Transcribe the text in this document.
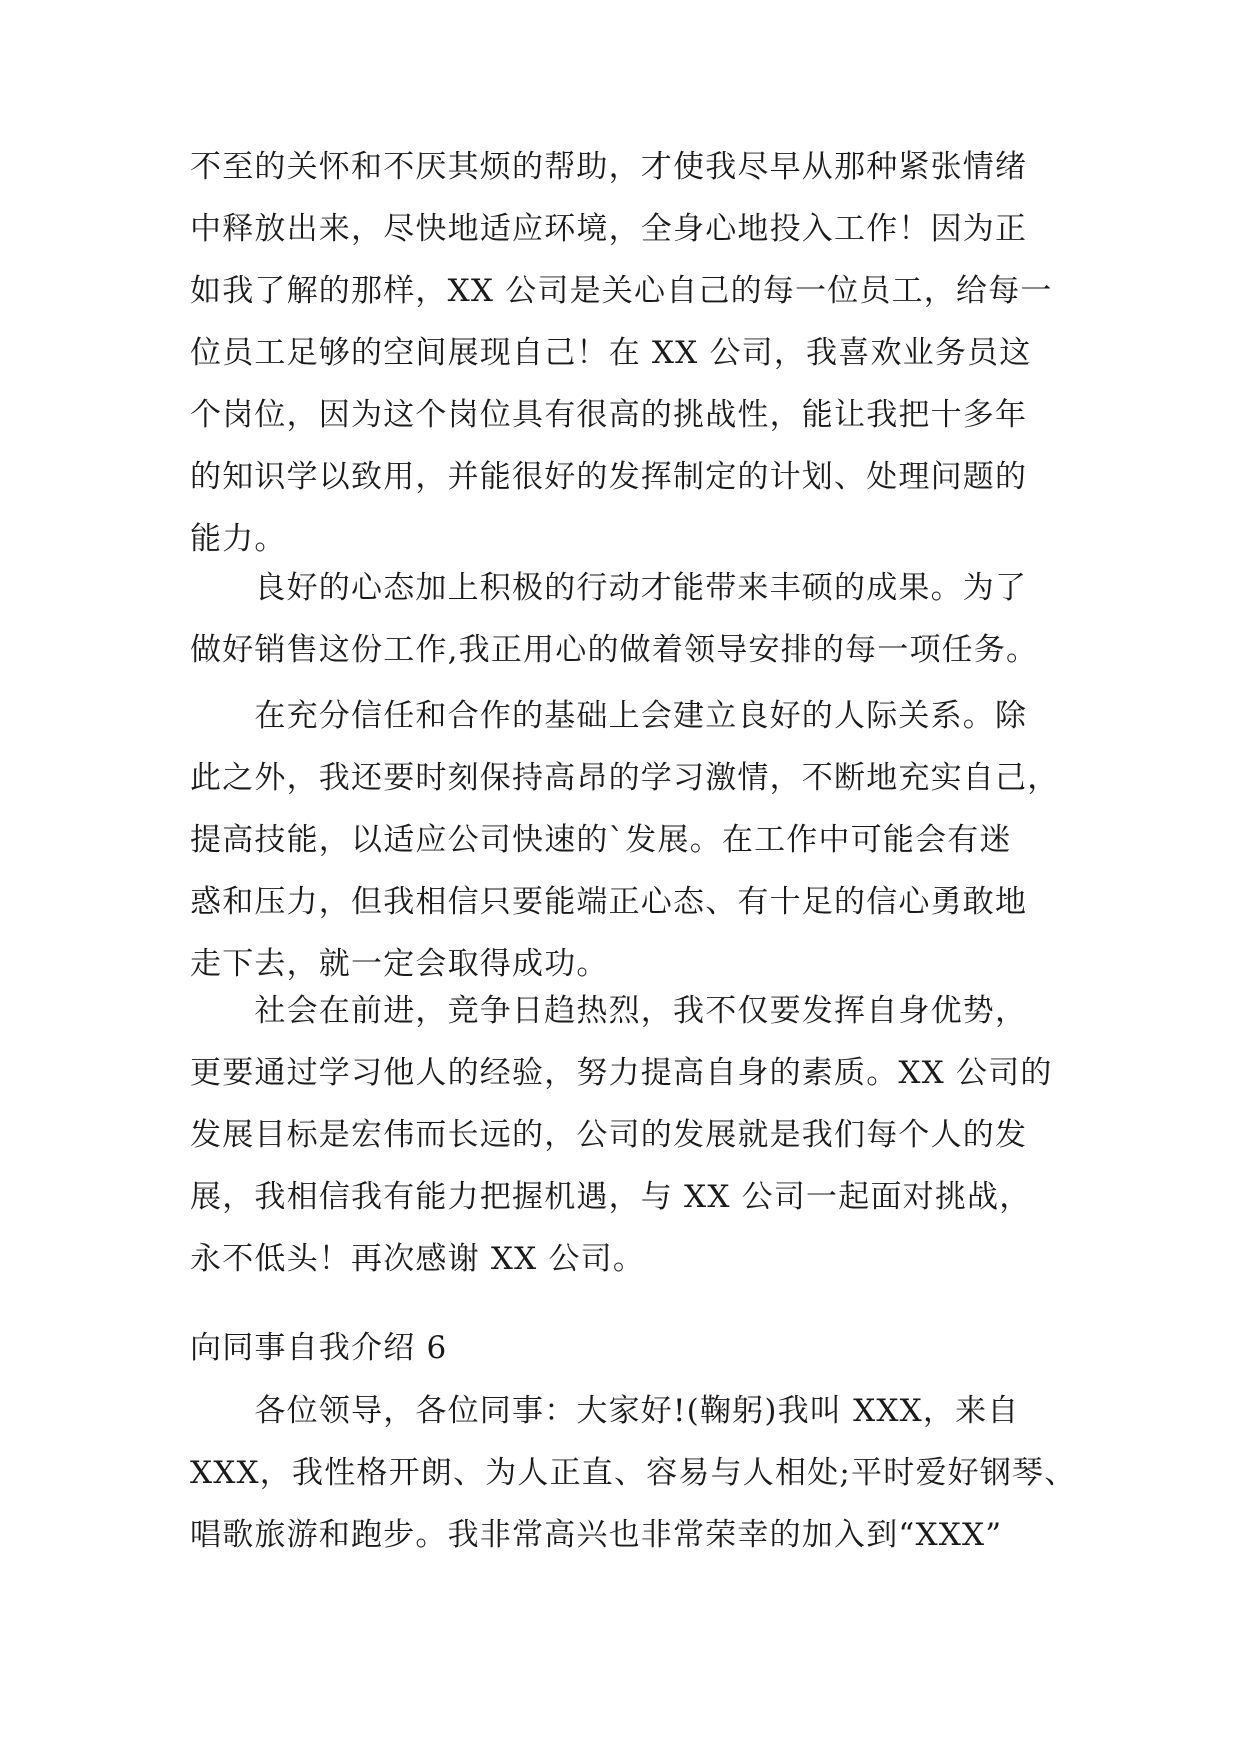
不至的关怀和不厌其烦的帮助，才使我尽早从那种紧张情绪
中释放出来，尽快地适应环境，全身心地投入工作！因为正
如我了解的那样，XX 公司是关心自己的每一位员工，给每一
位员工足够的空间展现自己！在 XX 公司，我喜欢业务员这
个岗位，因为这个岗位具有很高的挑战性，能让我把十多年
的知识学以致用，并能很好的发挥制定的计划、处理问题的
能力。
　　良好的心态加上积极的行动才能带来丰硕的成果。为了
做好销售这份工作,我正用心的做着领导安排的每一项任务。
　　在充分信任和合作的基础上会建立良好的人际关系。除
此之外，我还要时刻保持高昂的学习激情，不断地充实自己，
提高技能，以适应公司快速的`发展。在工作中可能会有迷
惑和压力，但我相信只要能端正心态、有十足的信心勇敢地
走下去，就一定会取得成功。
　　社会在前进，竞争日趋热烈，我不仅要发挥自身优势，
更要通过学习他人的经验，努力提高自身的素质。XX 公司的
发展目标是宏伟而长远的，公司的发展就是我们每个人的发
展，我相信我有能力把握机遇，与 XX 公司一起面对挑战，
永不低头！再次感谢 XX 公司。
向同事自我介绍 6
　　各位领导，各位同事：大家好!(鞠躬)我叫 XXX，来自
XXX，我性格开朗、为人正直、容易与人相处;平时爱好钢琴、
唱歌旅游和跑步。我非常高兴也非常荣幸的加入到“XXX”
